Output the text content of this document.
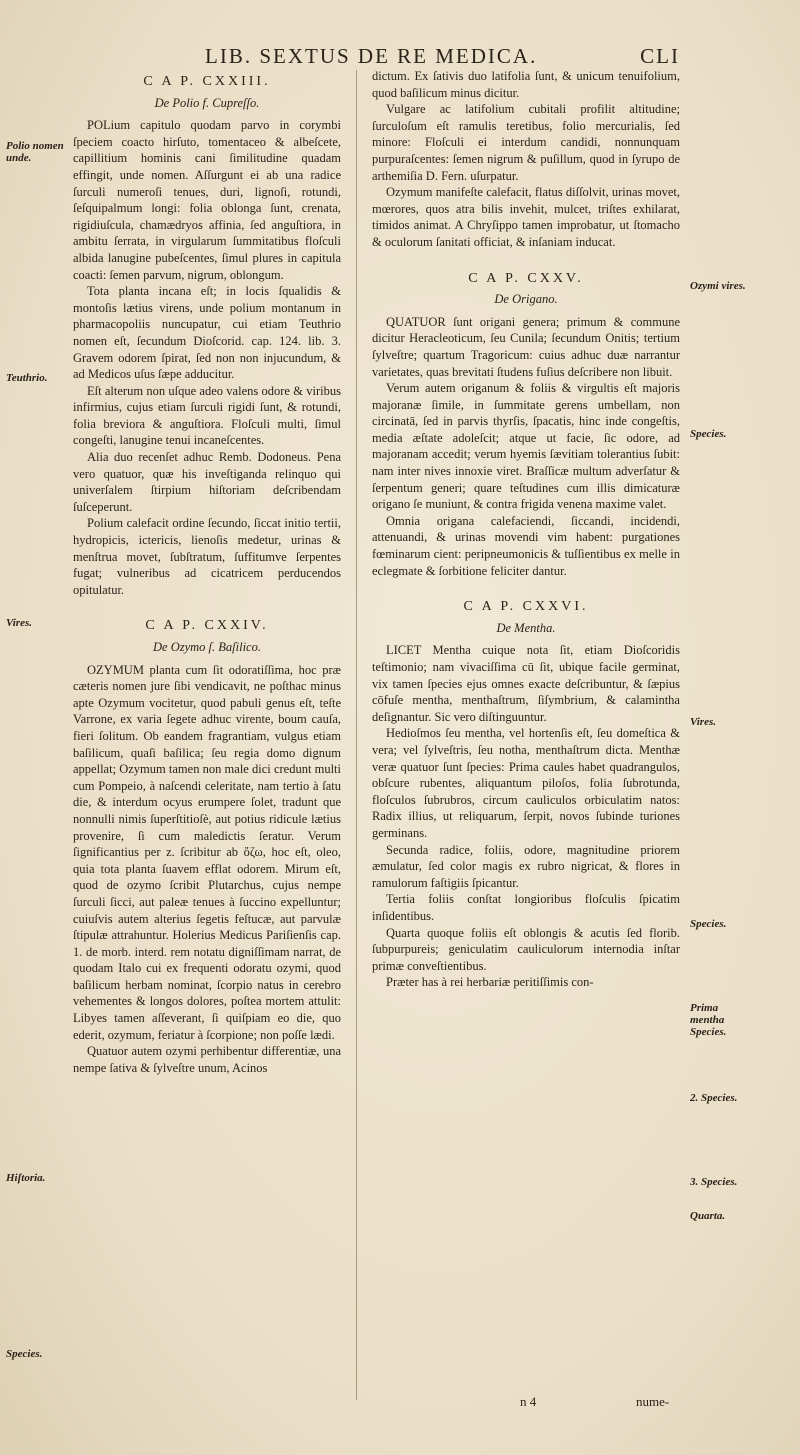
LIB. SEXTUS DE RE MEDICA.	CLI
Polio nomen unde.
Teuthrio.
Vires.
Hiſtoria.
Species.
Ozymi vires.
Species.
Vires.
Species.
Prima mentha Species.
2. Species.
3. Species.
Quarta.
C A P. CXXIII.
De Polio f. Cupreſſo.

POLium capitulo quodam parvo in corymbi ſpeciem coacto hirſuto, tomentaceo & albeſcete, capillitium hominis cani ſimilitudine quadam effingit, unde nomen. Aſſurgunt ei ab una radice ſurculi numeroſi tenues, duri, lignoſi, rotundi, ſeſquipalmum longi: folia oblonga ſunt, crenata, rigidiuſcula, chamædryos affinia, ſed anguſtiora, in ambitu ſerrata, in virgularum ſummitatibus floſculi albida lanugine pubeſcentes, ſimul plures in capitula coacti: ſemen parvum, nigrum, oblongum.

Tota planta incana eſt; in locis ſqualidis & montoſis lætius virens, unde polium montanum in pharmacopoliis nuncupatur, cui etiam Teuthrio nomen eſt, ſecundum Dioſcorid. cap. 124. lib. 3. Gravem odorem ſpirat, ſed non non injucundum, & ad Medicos uſus ſæpe adducitur.

Eſt alterum non uſque adeo valens odore & viribus infirmius, cujus etiam ſurculi rigidi ſunt, & rotundi, folia breviora & anguſtiora. Floſculi multi, ſimul congeſti, lanugine tenui incaneſcentes.

Alia duo recenſet adhuc Remb. Dodoneus. Pena vero quatuor, quæ his inveſtiganda relinquo qui univerſalem ſtirpium hiſtoriam deſcribendam ſuſceperunt.

Polium calefacit ordine ſecundo, ſiccat initio tertii, hydropicis, ictericis, lienoſis medetur, urinas & menſtrua movet, ſubſtratum, ſuffitumve ſerpentes fugat; vulneribus ad cicatricem perducendos opitulatur.

C A P. CXXIV.
De Ozymo ſ. Baſilico.

OZYMUM planta cum ſit odoratiſſima, hoc præ cæteris nomen jure ſibi vendicavit, ne poſthac minus apte Ozymum vocitetur, quod pabuli genus eſt, teſte Varrone, ex varia ſegete adhuc virente, boum cauſa, fieri ſolitum. Ob eandem fragrantiam, vulgus etiam baſilicum, quaſi baſilica; ſeu regia domo dignum appellat; Ozymum tamen non male dici credunt multi cum Pompeio, à naſcendi celeritate, nam tertio à ſatu die, & interdum ocyus erumpere ſolet, tradunt que nonnulli nimis ſuperſtitioſè, aut potius ridicule lætius provenire, ſi cum maledictis ſeratur. Verum ſignificantius per z. ſcribitur ab ὄζω, hoc eſt, oleo, quia tota planta ſuavem efflat odorem. Mirum eſt, quod de ozymo ſcribit Plutarchus, cujus nempe ſurculi ſicci, aut paleæ tenues à ſuccino expelluntur; cuiuſvis autem alterius ſegetis feſtucæ, aut parvulæ ſtipulæ attrahuntur. Holerius Medicus Pariſienſis cap. 1. de morb. interd. rem notatu digniſſimam narrat, de quodam Italo cui ex frequenti odoratu ozymi, quod baſilicum herbam nominat, ſcorpio natus in cerebro vehementes & longos dolores, poſtea mortem attulit: Libyes tamen aſſeverant, ſi quiſpiam eo die, quo ederit, ozymum, feriatur à ſcorpione; non poſſe lædi.

Quatuor autem ozymi perhibentur differentiæ, una nempe ſativa & ſylveſtre unum, Acinos

dictum. Ex ſativis duo latifolia ſunt, & unicum tenuifolium, quod baſilicum minus dicitur.

Vulgare ac latifolium cubitali profilit altitudine; ſurculoſum eſt ramulis teretibus, folio mercurialis, ſed minore: Floſculi ei interdum candidi, nonnunquam purpuraſcentes: ſemen nigrum & puſillum, quod in ſyrupo de arthemiſia D. Fern. uſurpatur.

Ozymum manifeſte calefacit, flatus diſſolvit, urinas movet, mœrores, quos atra bilis invehit, mulcet, triſtes exhilarat, timidos animat. A Chryſippo tamen improbatur, ut ſtomacho & oculorum ſanitati officiat, & inſaniam inducat.

C A P. CXXV.
De Origano.

QUATUOR ſunt origani genera; primum & commune dicitur Heracleoticum, ſeu Cunila; ſecundum Onitis; tertium ſylveſtre; quartum Tragoricum: cuius adhuc duæ narrantur varietates, quas brevitati ſtudens fuſius deſcribere non libuit.

Verum autem origanum & foliis & virgultis eſt majoris majoranæ ſimile, in ſummitate gerens umbellam, non circinatā, ſed in parvis thyrſis, ſpacatis, hinc inde congeſtis, media æſtate adoleſcit; atque ut facie, ſic odore, ad majoranam accedit; verum hyemis ſævitiam tolerantius ſubit: nam inter nives innoxie viret. Braſſicæ multum adverſatur & ſerpentum generi; quare teſtudines cum illis dimicaturæ origano ſe muniunt, & contra frigida venena maxime valet.

Omnia origana calefaciendi, ſiccandi, incidendi, attenuandi, & urinas movendi vim habent: purgationes fœminarum cient: peripneumonicis & tuſſientibus ex melle in eclegmate & ſorbitione feliciter dantur.

C A P. CXXVI.
De Mentha.

LICET Mentha cuique nota ſit, etiam Dioſcoridis teſtimonio; nam vivaciſſima cū ſit, ubique facile germinat, vix tamen ſpecies ejus omnes exacte deſcribuntur, & ſæpius cōfuſe mentha, menthaſtrum, ſiſymbrium, & calamintha deſignantur. Sic vero diſtinguuntur.

Hedioſmos ſeu mentha, vel hortenſis eſt, ſeu domeſtica & vera; vel ſylveſtris, ſeu notha, menthaſtrum dicta. Menthæ veræ quatuor ſunt ſpecies: Prima caules habet quadrangulos, obſcure rubentes, aliquantum piloſos, folia ſubrotunda, floſculos ſubrubros, circum cauliculos orbiculatim natos: Radix illius, ut reliquarum, ſerpit, novos ſubinde turiones germinans.

Secunda radice, foliis, odore, magnitudine priorem æmulatur, ſed color magis ex rubro nigricat, & flores in ramulorum faſtigiis ſpicantur.

Tertia foliis conſtat longioribus floſculis ſpicatim inſidentibus.

Quarta quoque foliis eſt oblongis & acutis ſed florib. ſubpurpureis; geniculatim cauliculorum internodia inſtar primæ conveſtientibus.

Præter has à rei herbariæ peritiſſimis con-

n 4	nume-
